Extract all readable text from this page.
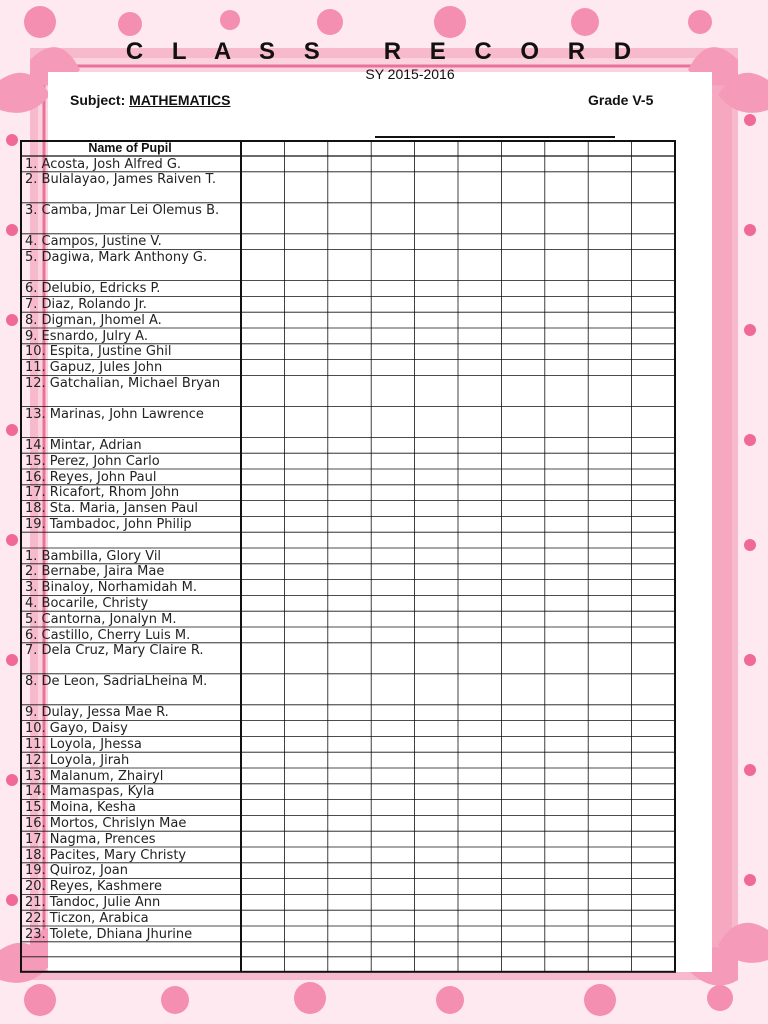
C L A S S   R E C O R D
SY 2015-2016
Subject: MATHEMATICS	Grade V-5
Name of Pupil
1. Acosta, Josh Alfred G.
2. Bulalayao, James Raiven T.
3. Camba, Jmar Lei Olemus B.
4. Campos, Justine V.
5. Dagiwa, Mark Anthony G.
6. Delubio, Edricks P.
7. Diaz, Rolando Jr.
8. Digman, Jhomel A.
9. Esnardo, Julry A.
10. Espita, Justine Ghil
11. Gapuz, Jules John
12. Gatchalian, Michael Bryan
13. Marinas, John Lawrence
14. Mintar, Adrian
15. Perez, John Carlo
16. Reyes, John Paul
17. Ricafort, Rhom John
18. Sta. Maria, Jansen Paul
19. Tambadoc, John Philip
1. Bambilla, Glory Vil
2. Bernabe, Jaira Mae
3. Binaloy, Norhamidah M.
4. Bocarile, Christy
5. Cantorna, Jonalyn M.
6. Castillo, Cherry Luis M.
7. Dela Cruz, Mary Claire R.
8. De Leon, SadriaLheina M.
9. Dulay, Jessa Mae R.
10. Gayo, Daisy
11. Loyola, Jhessa
12. Loyola, Jirah
13. Malanum, Zhairyl
14. Mamaspas, Kyla
15. Moina, Kesha
16. Mortos, Chrislyn Mae
17. Nagma, Prences
18. Pacites, Mary Christy
19. Quiroz, Joan
20. Reyes, Kashmere
21. Tandoc, Julie Ann
22. Ticzon, Arabica
23. Tolete, Dhiana Jhurine
